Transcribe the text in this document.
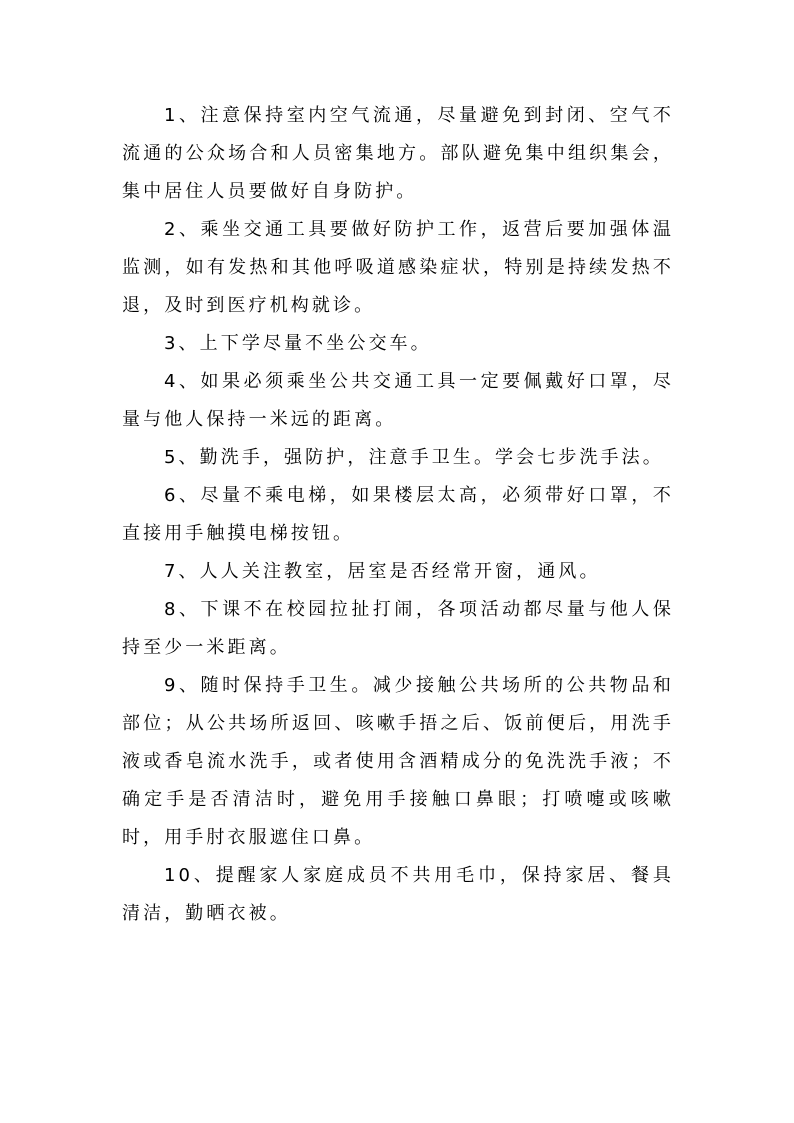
1、注意保持室内空气流通，尽量避免到封闭、空气不流通的公众场合和人员密集地方。部队避免集中组织集会，集中居住人员要做好自身防护。

2、乘坐交通工具要做好防护工作，返营后要加强体温监测，如有发热和其他呼吸道感染症状，特别是持续发热不退，及时到医疗机构就诊。

3、上下学尽量不坐公交车。

4、如果必须乘坐公共交通工具一定要佩戴好口罩，尽量与他人保持一米远的距离。

5、勤洗手，强防护，注意手卫生。学会七步洗手法。

6、尽量不乘电梯，如果楼层太高，必须带好口罩，不直接用手触摸电梯按钮。

7、人人关注教室，居室是否经常开窗，通风。

8、下课不在校园拉扯打闹，各项活动都尽量与他人保持至少一米距离。

9、随时保持手卫生。减少接触公共场所的公共物品和部位；从公共场所返回、咳嗽手捂之后、饭前便后，用洗手液或香皂流水洗手，或者使用含酒精成分的免洗洗手液；不确定手是否清洁时，避免用手接触口鼻眼；打喷嚏或咳嗽时，用手肘衣服遮住口鼻。

10、提醒家人家庭成员不共用毛巾，保持家居、餐具清洁，勤晒衣被。
